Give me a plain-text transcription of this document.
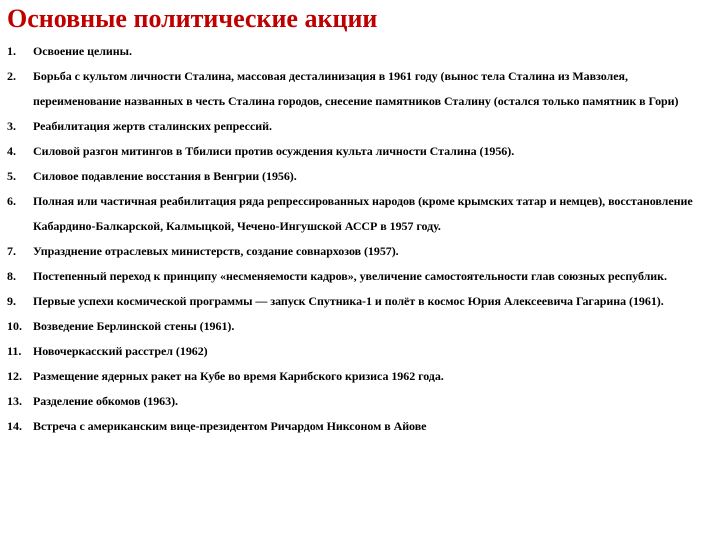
Основные политические акции
1.	Освоение целины.
2.	Борьба с культом личности Сталина, массовая десталинизация в 1961 году (вынос тела Сталина из Мавзолея, переименование названных в честь Сталина городов, снесение памятников Сталину (остался только памятник в Гори)
3.	Реабилитация жертв сталинских репрессий.
4.	Силовой разгон митингов в Тбилиси против осуждения культа личности Сталина (1956).
5.	Силовое подавление восстания в Венгрии (1956).
6.	Полная или частичная реабилитация ряда репрессированных народов (кроме крымских татар и немцев), восстановление Кабардино-Балкарской, Калмыцкой, Чечено-Ингушской АССР в 1957 году.
7.	Упразднение отраслевых министерств, создание совнархозов (1957).
8.	Постепенный переход к принципу «несменяемости кадров», увеличение самостоятельности глав союзных республик.
9.	Первые успехи космической программы — запуск Спутника-1 и полёт в космос Юрия Алексеевича Гагарина (1961).
10. Возведение Берлинской стены (1961).
11. Новочеркасский расстрел (1962)
12. Размещение ядерных ракет на Кубе во время Карибского кризиса 1962 года.
13. Разделение обкомов (1963).
14. Встреча с американским вице-президентом Ричардом Никсоном в Айове
